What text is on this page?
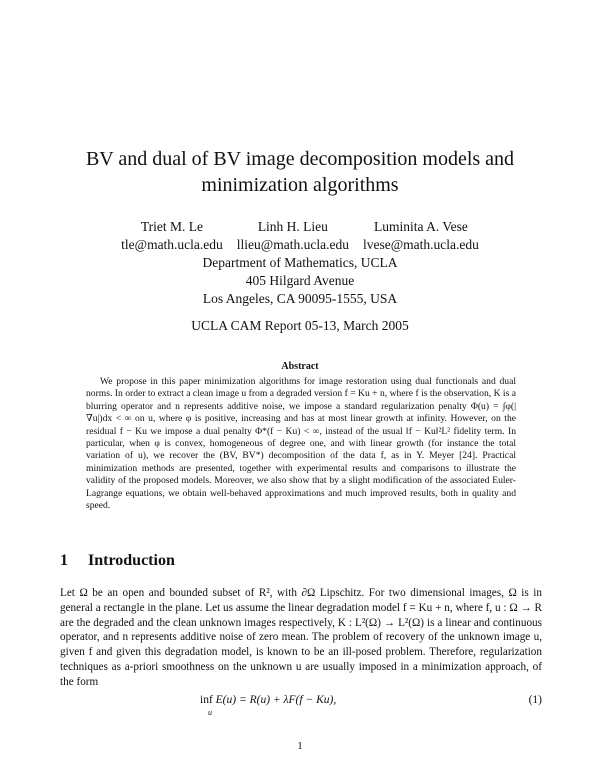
BV and dual of BV image decomposition models and
minimization algorithms
Triet M. Le
tle@math.ucla.edu
Linh H. Lieu
llieu@math.ucla.edu
Luminita A. Vese
lvese@math.ucla.edu
Department of Mathematics, UCLA
405 Hilgard Avenue
Los Angeles, CA 90095-1555, USA
UCLA CAM Report 05-13, March 2005
Abstract
We propose in this paper minimization algorithms for image restoration using dual functionals and dual norms. In order to extract a clean image u from a degraded version f = Ku + n, where f is the observation, K is a blurring operator and n represents additive noise, we impose a standard regularization penalty Φ(u) = ∫φ(|∇u|)dx < ∞ on u, where φ is positive, increasing and has at most linear growth at infinity. However, on the residual f − Ku we impose a dual penalty Φ*(f − Ku) < ∞, instead of the usual ‖f − Ku‖²L² fidelity term. In particular, when φ is convex, homogeneous of degree one, and with linear growth (for instance the total variation of u), we recover the (BV, BV*) decomposition of the data f, as in Y. Meyer [24]. Practical minimization methods are presented, together with experimental results and comparisons to illustrate the validity of the proposed models. Moreover, we also show that by a slight modification of the associated Euler-Lagrange equations, we obtain well-behaved approximations and much improved results, both in quality and speed.
1 Introduction
Let Ω be an open and bounded subset of R², with ∂Ω Lipschitz. For two dimensional images, Ω is in general a rectangle in the plane. Let us assume the linear degradation model f = Ku + n, where f, u : Ω → R are the degraded and the clean unknown images respectively, K : L²(Ω) → L²(Ω) is a linear and continuous operator, and n represents additive noise of zero mean. The problem of recovery of the unknown image u, given f and given this degradation model, is known to be an ill-posed problem. Therefore, regularization techniques as a-priori smoothness on the unknown u are usually imposed in a minimization approach, of the form
inf
u
E(u) = R(u) + λF(f − Ku),	(1)
1
